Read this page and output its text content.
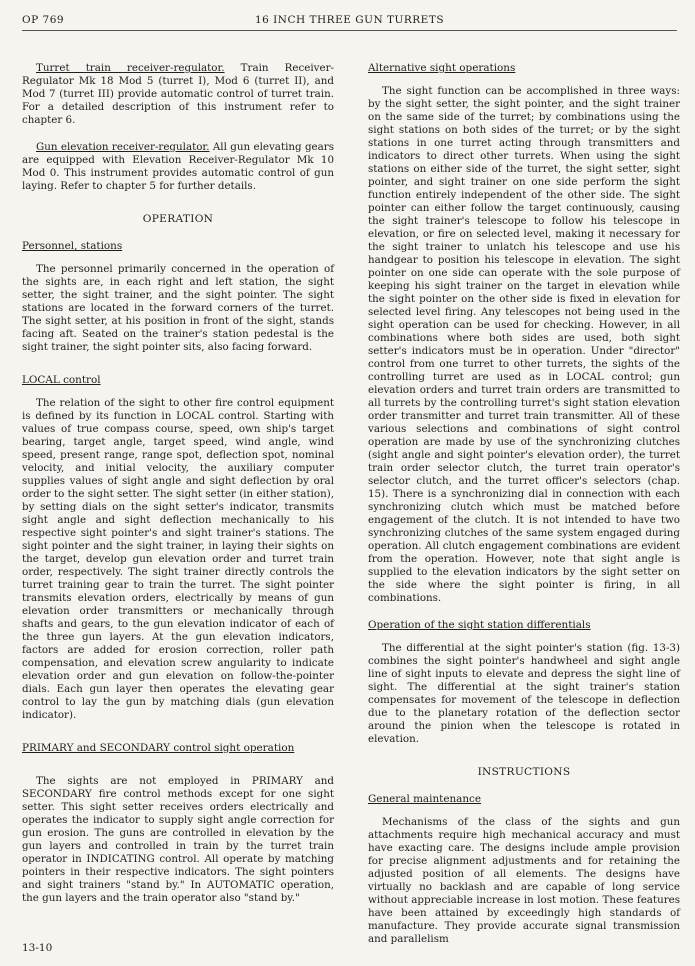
OP 769	16 INCH THREE GUN TURRETS

Turret train receiver-regulator. Train Receiver-Regulator Mk 18 Mod 5 (turret I), Mod 6 (turret II), and Mod 7 (turret III) provide automatic control of turret train. For a detailed description of this instrument refer to chapter 6.

Gun elevation receiver-regulator. All gun elevating gears are equipped with Elevation Receiver-Regulator Mk 10 Mod 0. This instrument provides automatic control of gun laying. Refer to chapter 5 for further details.

OPERATION

Personnel, stations

The personnel primarily concerned in the operation of the sights are, in each right and left station, the sight setter, the sight trainer, and the sight pointer. The sight stations are located in the forward corners of the turret. The sight setter, at his position in front of the sight, stands facing aft. Seated on the trainer's station pedestal is the sight trainer, the sight pointer sits, also facing forward.

LOCAL control

The relation of the sight to other fire control equipment is defined by its function in LOCAL control. Starting with values of true compass course, speed, own ship's target bearing, target angle, target speed, wind angle, wind speed, present range, range spot, deflection spot, nominal velocity, and initial velocity, the auxiliary computer supplies values of sight angle and sight deflection by oral order to the sight setter. The sight setter (in either station), by setting dials on the sight setter's indicator, transmits sight angle and sight deflection mechanically to his respective sight pointer's and sight trainer's stations. The sight pointer and the sight trainer, in laying their sights on the target, develop gun elevation order and turret train order, respectively. The sight trainer directly controls the turret training gear to train the turret. The sight pointer transmits elevation orders, electrically by means of gun elevation order transmitters or mechanically through shafts and gears, to the gun elevation indicator of each of the three gun layers. At the gun elevation indicators, factors are added for erosion correction, roller path compensation, and elevation screw angularity to indicate elevation order and gun elevation on follow-the-pointer dials. Each gun layer then operates the elevating gear control to lay the gun by matching dials (gun elevation indicator).

PRIMARY and SECONDARY control sight operation

The sights are not employed in PRIMARY and SECONDARY fire control methods except for one sight setter. This sight setter receives orders electrically and operates the indicator to supply sight angle correction for gun erosion. The guns are controlled in elevation by the gun layers and controlled in train by the turret train operator in INDICATING control. All operate by matching pointers in their respective indicators. The sight pointers and sight trainers "stand by." In AUTOMATIC operation, the gun layers and the train operator also "stand by."

Alternative sight operations

The sight function can be accomplished in three ways: by the sight setter, the sight pointer, and the sight trainer on the same side of the turret; by combinations using the sight stations on both sides of the turret; or by the sight stations in one turret acting through transmitters and indicators to direct other turrets. When using the sight stations on either side of the turret, the sight setter, sight pointer, and sight trainer on one side perform the sight function entirely independent of the other side. The sight pointer can either follow the target continuously, causing the sight trainer's telescope to follow his telescope in elevation, or fire on selected level, making it necessary for the sight trainer to unlatch his telescope and use his handgear to position his telescope in elevation. The sight pointer on one side can operate with the sole purpose of keeping his sight trainer on the target in elevation while the sight pointer on the other side is fixed in elevation for selected level firing. Any telescopes not being used in the sight operation can be used for checking. However, in all combinations where both sides are used, both sight setter's indicators must be in operation. Under "director" control from one turret to other turrets, the sights of the controlling turret are used as in LOCAL control; gun elevation orders and turret train orders are transmitted to all turrets by the controlling turret's sight station elevation order transmitter and turret train transmitter. All of these various selections and combinations of sight control operation are made by use of the synchronizing clutches (sight angle and sight pointer's elevation order), the turret train order selector clutch, the turret train operator's selector clutch, and the turret officer's selectors (chap. 15). There is a synchronizing dial in connection with each synchronizing clutch which must be matched before engagement of the clutch. It is not intended to have two synchronizing clutches of the same system engaged during operation. All clutch engagement combinations are evident from the operation. However, note that sight angle is supplied to the elevation indicators by the sight setter on the side where the sight pointer is firing, in all combinations.

Operation of the sight station differentials

The differential at the sight pointer's station (fig. 13-3) combines the sight pointer's handwheel and sight angle line of sight inputs to elevate and depress the sight line of sight. The differential at the sight trainer's station compensates for movement of the telescope in deflection due to the planetary rotation of the deflection sector around the pinion when the telescope is rotated in elevation.

INSTRUCTIONS

General maintenance

Mechanisms of the class of the sights and gun attachments require high mechanical accuracy and must have exacting care. The designs include ample provision for precise alignment adjustments and for retaining the adjusted position of all elements. The designs have virtually no backlash and are capable of long service without appreciable increase in lost motion. These features have been attained by exceedingly high standards of manufacture. They provide accurate signal transmission and parallelism

13-10
